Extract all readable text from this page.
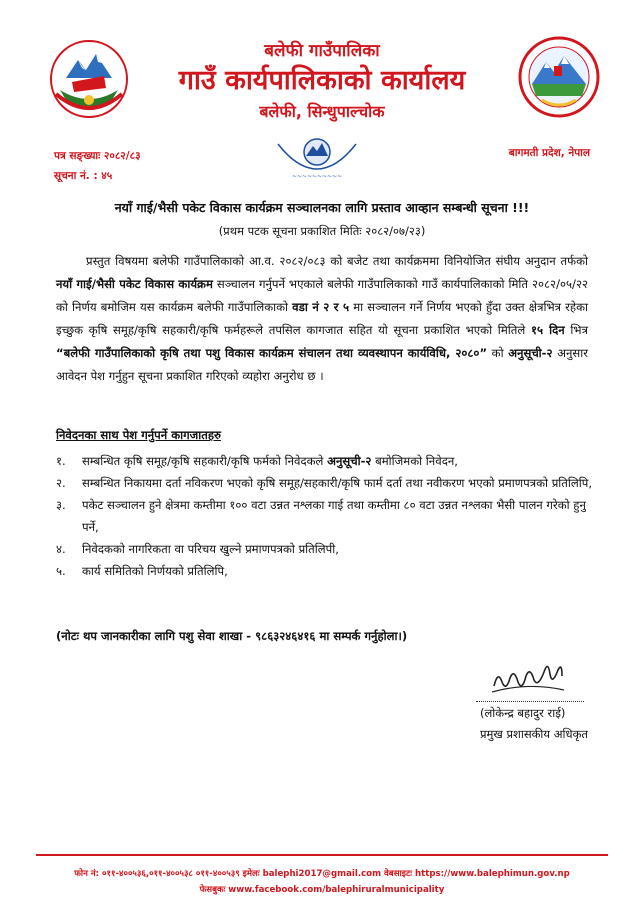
बलेफी गाउँपालिका
गाउँ कार्यपालिकाको कार्यालय
बलेफी, सिन्धुपाल्चोक
पत्र सङ्ख्याः २०८२/८३
सूचना नं. : ४५	~~~~~~~~~~
बागमती प्रदेश, नेपाल
नयाँ गाई/भैसी पकेट विकास कार्यक्रम सञ्चालनका लागि प्रस्ताव आव्हान सम्बन्धी सूचना !!!
(प्रथम पटक सूचना प्रकाशित मितिः २०८२/०७/२३)
प्रस्तुत विषयमा बलेफी गाउँपालिकाको आ.व. २०८२/०८३ को बजेट तथा कार्यक्रममा विनियोजित संघीय अनुदान तर्फको नयाँ गाई/भैसी पकेट विकास कार्यक्रम सञ्चालन गर्नुपर्ने भएकाले बलेफी गाउँपालिकाको गाउँ कार्यपालिकाको मिति २०८२/०५/२२ को निर्णय बमोजिम यस कार्यक्रम बलेफी गाउँपालिकाको वडा नं २ र ५ मा सञ्चालन गर्ने निर्णय भएको हुँदा उक्त क्षेत्रभित्र रहेका इच्छुक कृषि समूह/कृषि सहकारी/कृषि फर्महरूले तपसिल कागजात सहित यो सूचना प्रकाशित भएको मितिले १५ दिन भित्र “बलेफी गाउँपालिकाको कृषि तथा पशु विकास कार्यक्रम संचालन तथा व्यवस्थापन कार्यविधि, २०८०” को अनुसूची-२ अनुसार आवेदन पेश गर्नुहुन सूचना प्रकाशित गरिएको व्यहोरा अनुरोध छ ।
निवेदनका साथ पेश गर्नुपर्ने कागजातहरु
१.	सम्बन्धित कृषि समूह/कृषि सहकारी/कृषि फर्मको निवेदकले अनुसूची-२ बमोजिमको निवेदन,
२.	सम्बन्धित निकायमा दर्ता नविकरण भएको कृषि समूह/सहकारी/कृषि फार्म दर्ता तथा नवीकरण भएको प्रमाणपत्रको प्रतिलिपि,
३.	पकेट सञ्चालन हुने क्षेत्रमा कम्तीमा १०० वटा उन्नत नश्लका गाई तथा कम्तीमा ८० वटा उन्नत नश्लका भैसी पालन गरेको हुनु पर्ने,
४.	निवेदकको नागरिकता वा परिचय खुल्ने प्रमाणपत्रको प्रतिलिपी,
५.	कार्य समितिको निर्णयको प्रतिलिपि,
(नोटः थप जानकारीका लागि पशु सेवा शाखा - ९८६३२४६४१६ मा सम्पर्क गर्नुहोला।)
(लोकेन्द्र बहादुर राई)
प्रमुख प्रशासकीय अधिकृत
फोन नं: ०११-४००५३६,०११-४००५३८ ०११-४००५३९ इमेलः balephi2017@gmail.com वेबसाइटः https://www.balephimun.gov.np
फेसबुकः www.facebook.com/balephiruralmunicipality
